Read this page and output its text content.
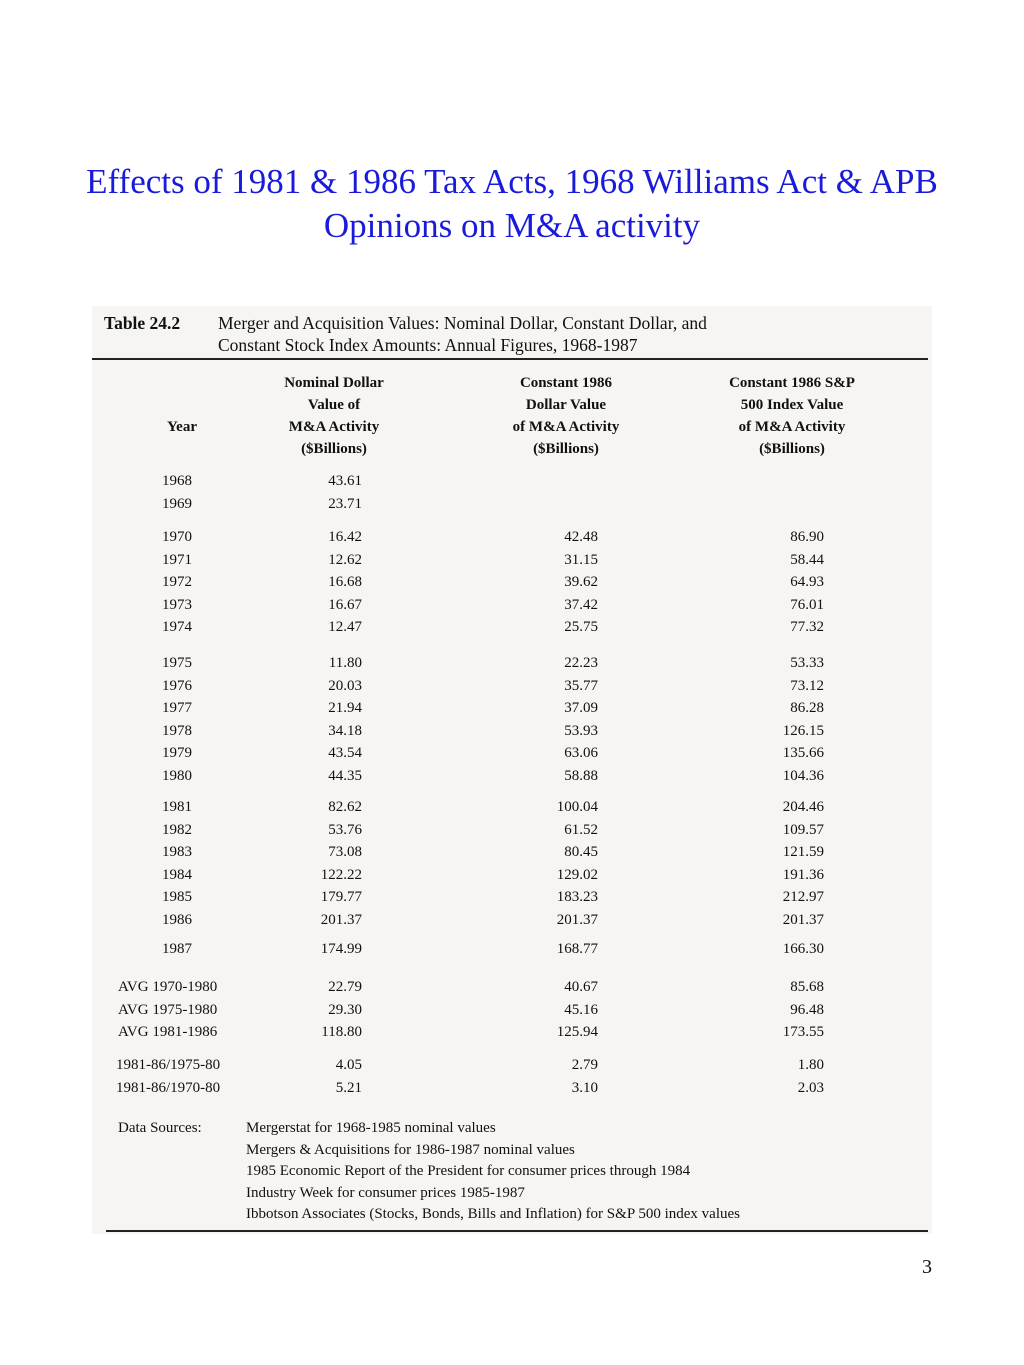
Effects of 1981 & 1986 Tax Acts, 1968 Williams Act & APB Opinions on M&A activity
Table 24.2 Merger and Acquisition Values: Nominal Dollar, Constant Dollar, and
Constant Stock Index Amounts: Annual Figures, 1968-1987
Year
Nominal Dollar
Value of
M&A Activity
($Billions)
Constant 1986
Dollar Value
of M&A Activity
($Billions)
Constant 1986 S&P
500 Index Value
of M&A Activity
($Billions)
1968	43.61
1969	23.71
1970	16.42	42.48	86.90
1971	12.62	31.15	58.44
1972	16.68	39.62	64.93
1973	16.67	37.42	76.01
1974	12.47	25.75	77.32
1975	11.80	22.23	53.33
1976	20.03	35.77	73.12
1977	21.94	37.09	86.28
1978	34.18	53.93	126.15
1979	43.54	63.06	135.66
1980	44.35	58.88	104.36
1981	82.62	100.04	204.46
1982	53.76	61.52	109.57
1983	73.08	80.45	121.59
1984	122.22	129.02	191.36
1985	179.77	183.23	212.97
1986	201.37	201.37	201.37
1987	174.99	168.77	166.30
AVG 1970-1980	22.79	40.67	85.68
AVG 1975-1980	29.30	45.16	96.48
AVG 1981-1986	118.80	125.94	173.55
1981-86/1975-80	4.05	2.79	1.80
1981-86/1970-80	5.21	3.10	2.03
Data Sources:	Mergerstat for 1968-1985 nominal values
Mergers & Acquisitions for 1986-1987 nominal values
1985 Economic Report of the President for consumer prices through 1984
Industry Week for consumer prices 1985-1987
Ibbotson Associates (Stocks, Bonds, Bills and Inflation) for S&P 500 index values
3
